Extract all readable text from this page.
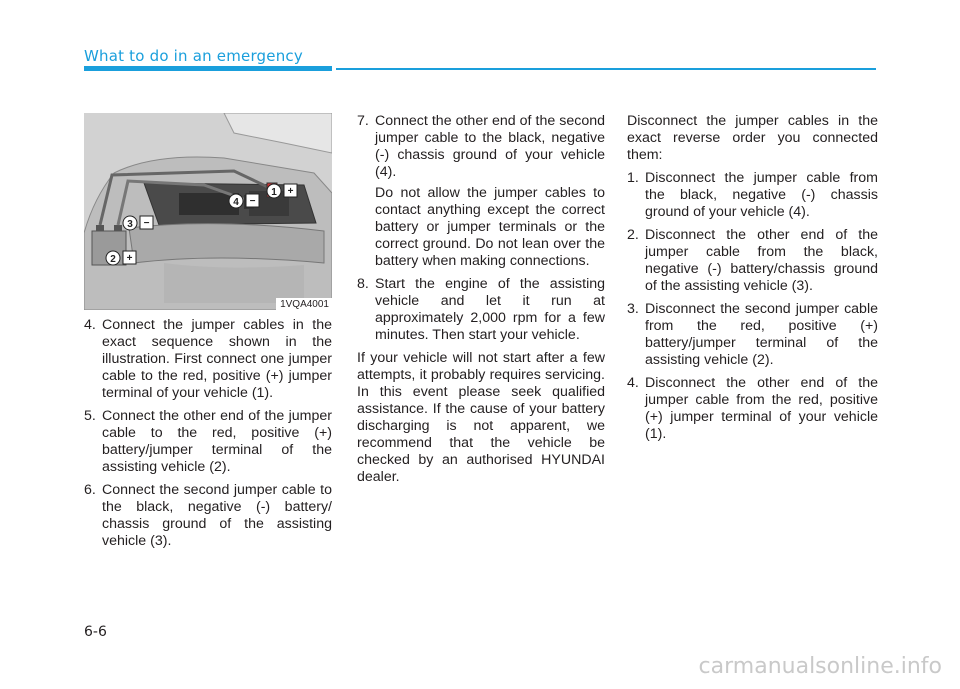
What to do in an emergency
1 +
4 −
3 −
2 +
1VQA4001
4. Connect the jumper cables in the exact sequence shown in the illustration. First connect one jumper cable to the red, positive (+) jumper terminal of your vehicle (1).
5. Connect the other end of the jumper cable to the red, positive (+) battery/jumper terminal of the assisting vehicle (2).
6. Connect the second jumper cable to the black, negative (-) battery/ chassis ground of the assisting vehicle (3).
7. Connect the other end of the second jumper cable to the black, negative (-) chassis ground of your vehicle (4).

Do not allow the jumper cables to contact anything except the correct battery or jumper terminals or the correct ground. Do not lean over the battery when making connections.

8. Start the engine of the assisting vehicle and let it run at approximately 2,000 rpm for a few minutes. Then start your vehicle.

If your vehicle will not start after a few attempts, it probably requires servicing. In this event please seek qualified assistance. If the cause of your battery discharging is not apparent, we recommend that the vehicle be checked by an authorised HYUNDAI dealer.

Disconnect the jumper cables in the exact reverse order you connected them:

1. Disconnect the jumper cable from the black, negative (-) chassis ground of your vehicle (4).
2. Disconnect the other end of the jumper cable from the black, negative (-) battery/chassis ground of the assisting vehicle (3).
3. Disconnect the second jumper cable from the red, positive (+) battery/jumper terminal of the assisting vehicle (2).
4. Disconnect the other end of the jumper cable from the red, positive (+) jumper terminal of your vehicle (1).
6-6
carmanualsonline.info
